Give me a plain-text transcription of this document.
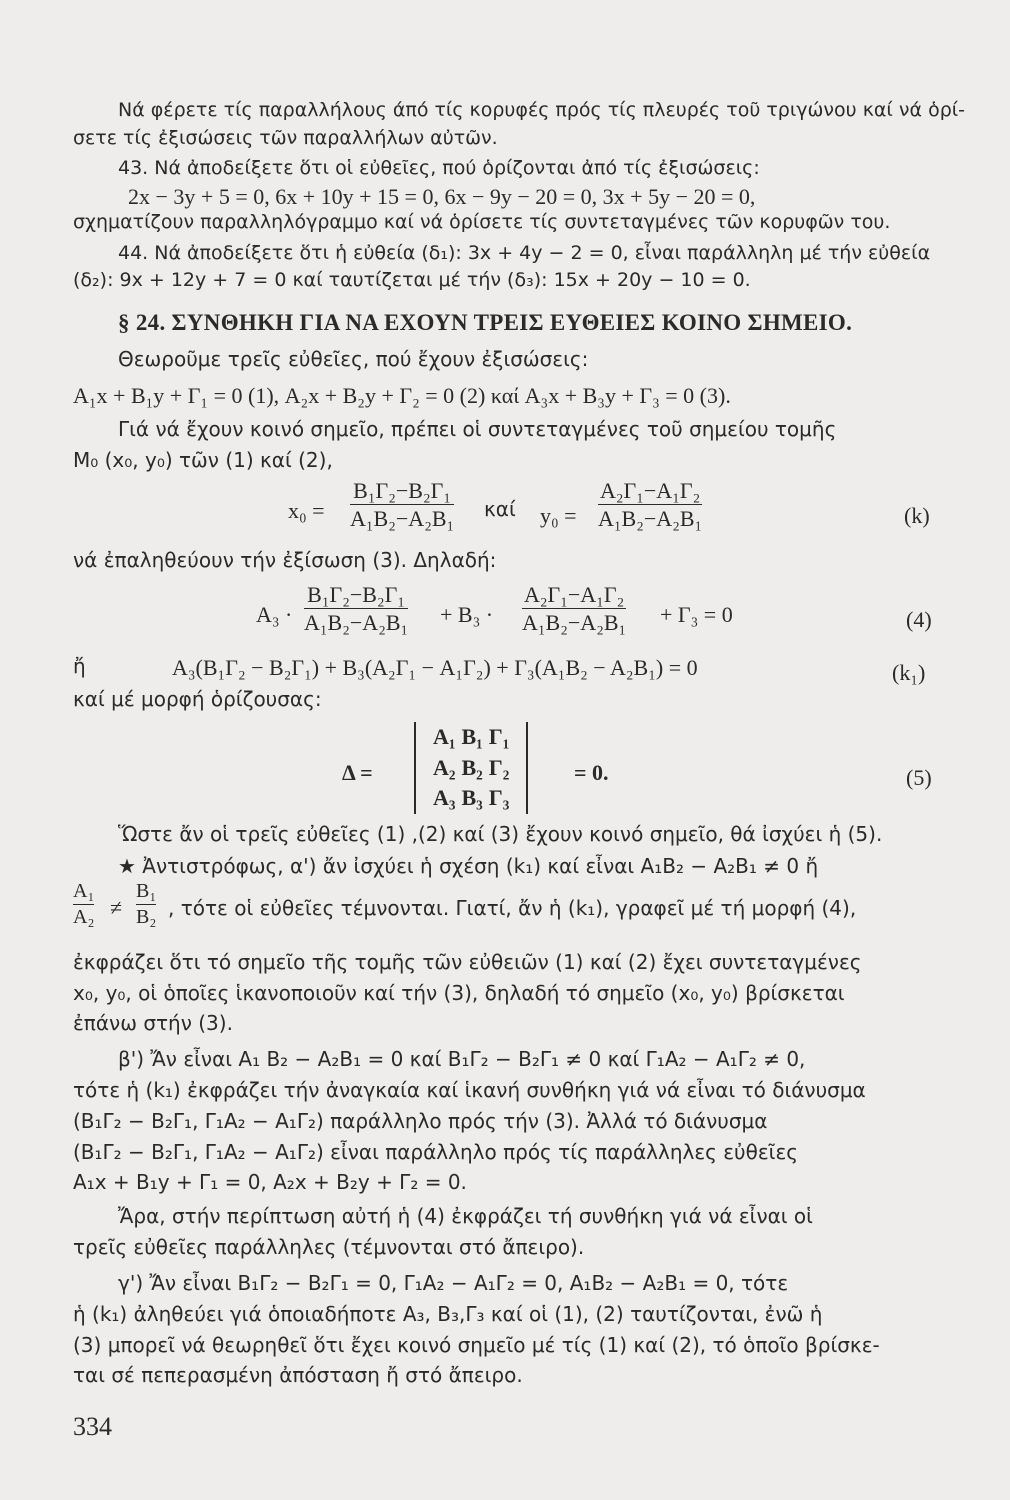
Νά φέρετε τίς παραλλήλους άπό τίς κορυφές πρός τίς πλευρές τοῦ τριγώνου καί νά ὁρί-
σετε τίς ἐξισώσεις τῶν παραλλήλων αὐτῶν.
43. Νά ἀποδείξετε ὅτι οἱ εὐθεῖες, πού ὁρίζονται ἀπό τίς ἐξισώσεις:
2x − 3y + 5 = 0, 6x + 10y + 15 = 0, 6x − 9y − 20 = 0, 3x + 5y − 20 = 0,
σχηματίζουν παραλληλόγραμμο καί νά ὁρίσετε τίς συντεταγμένες τῶν κορυφῶν του.
44. Νά ἀποδείξετε ὅτι ἡ εὐθεία (δ₁): 3x + 4y − 2 = 0, εἶναι παράλληλη μέ τήν εὐθεία
(δ₂): 9x + 12y + 7 = 0 καί ταυτίζεται μέ τήν (δ₃): 15x + 20y − 10 = 0.
§ 24. ΣΥΝΘΗΚΗ ΓΙΑ ΝΑ ΕΧΟΥΝ ΤΡΕΙΣ ΕΥΘΕΙΕΣ ΚΟΙΝΟ ΣΗΜΕΙΟ.
Θεωροῦμε τρεῖς εὐθεῖες, πού ἔχουν ἐξισώσεις:
A₁x + B₁y + Γ₁ = 0 (1), A₂x + B₂y + Γ₂ = 0 (2) καί A₃x + B₃y + Γ₃ = 0 (3).
Γιά νά ἔχουν κοινό σημεῖο, πρέπει οἱ συντεταγμένες τοῦ σημείου τομῆς
M₀ (x₀, y₀) τῶν (1) καί (2),
x₀ =
B₁Γ₂−B₂Γ₁
A₁B₂−A₂B₁ καί y₀ =
A₂Γ₁−A₁Γ₂
A₁B₂−A₂B₁	(k)
νά ἐπαληθεύουν τήν ἐξίσωση (3). Δηλαδή:
A₃ ·
B₁Γ₂−B₂Γ₁
A₁B₂−A₂B₁ + B₃ ·
A₂Γ₁−A₁Γ₂
A₁B₂−A₂B₁ + Γ₃ = 0	(4)
ἤ	A₃(B₁Γ₂ − B₂Γ₁) + B₃(A₂Γ₁ − A₁Γ₂) + Γ₃(A₁B₂ − A₂B₁) = 0	(k₁)
καί μέ μορφή ὁρίζουσας:
Δ =
A₁	B₁	Γ₁
A₂	B₂	Γ₂
A₃	B₃	Γ₃
= 0.	(5)
Ὥστε ἄν οἱ τρεῖς εὐθεῖες (1) ,(2) καί (3) ἔχουν κοινό σημεῖο, θά ἰσχύει ἡ (5).
★ Ἀντιστρόφως, α') ἄν ἰσχύει ἡ σχέση (k₁) καί εἶναι A₁B₂ − A₂B₁ ≠ 0 ἤ
A₁
A₂ ≠
B₁
B₂ , τότε οἱ εὐθεῖες τέμνονται. Γιατί, ἄν ἡ (k₁), γραφεῖ μέ τή μορφή (4),
ἐκφράζει ὅτι τό σημεῖο τῆς τομῆς τῶν εὐθειῶν (1) καί (2) ἔχει συντεταγμένες
x₀, y₀, οἱ ὁποῖες ἱκανοποιοῦν καί τήν (3), δηλαδή τό σημεῖο (x₀, y₀) βρίσκεται
ἐπάνω στήν (3).
β') Ἄν εἶναι A₁ B₂ − A₂B₁ = 0 καί B₁Γ₂ − B₂Γ₁ ≠ 0 καί Γ₁A₂ − A₁Γ₂ ≠ 0,
τότε ἡ (k₁) ἐκφράζει τήν ἀναγκαία καί ἱκανή συνθήκη γιά νά εἶναι τό διάνυσμα
(B₁Γ₂ − B₂Γ₁, Γ₁A₂ − A₁Γ₂) παράλληλο πρός τήν (3). Ἀλλά τό διάνυσμα
(B₁Γ₂ − B₂Γ₁, Γ₁A₂ − A₁Γ₂) εἶναι παράλληλο πρός τίς παράλληλες εὐθεῖες
A₁x + B₁y + Γ₁ = 0, A₂x + B₂y + Γ₂ = 0.
Ἄρα, στήν περίπτωση αὐτή ἡ (4) ἐκφράζει τή συνθήκη γιά νά εἶναι οἱ
τρεῖς εὐθεῖες παράλληλες (τέμνονται στό ἄπειρο).
γ') Ἄν εἶναι B₁Γ₂ − B₂Γ₁ = 0, Γ₁A₂ − A₁Γ₂ = 0, A₁B₂ − A₂B₁ = 0, τότε
ἡ (k₁) ἀληθεύει γιά ὁποιαδήποτε A₃, B₃,Γ₃ καί οἱ (1), (2) ταυτίζονται, ἐνῶ ἡ
(3) μπορεῖ νά θεωρηθεῖ ὅτι ἔχει κοινό σημεῖο μέ τίς (1) καί (2), τό ὁποῖο βρίσκε-
ται σέ πεπερασμένη ἀπόσταση ἤ στό ἄπειρο.
334
